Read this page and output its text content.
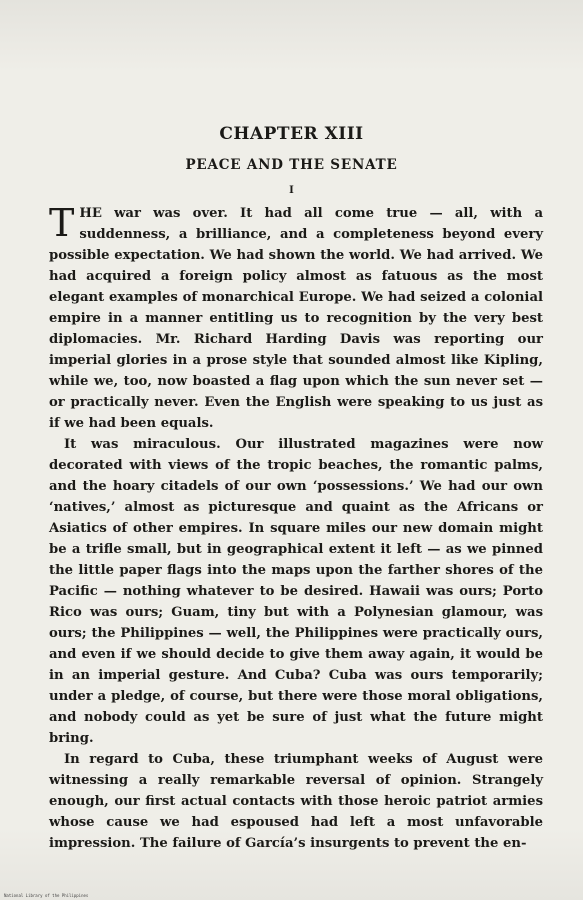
CHAPTER XIII
PEACE AND THE SENATE
I

THE war was over. It had all come true — all, with a suddenness, a brilliance, and a completeness beyond every possible expectation. We had shown the world. We had arrived. We had acquired a foreign policy almost as fatuous as the most elegant examples of monarchical Europe. We had seized a colonial empire in a manner entitling us to recognition by the very best diplomacies. Mr. Richard Harding Davis was reporting our imperial glories in a prose style that sounded almost like Kipling, while we, too, now boasted a flag upon which the sun never set — or practically never. Even the English were speaking to us just as if we had been equals.

It was miraculous. Our illustrated magazines were now decorated with views of the tropic beaches, the romantic palms, and the hoary citadels of our own ‘possessions.’ We had our own ‘natives,’ almost as picturesque and quaint as the Africans or Asiatics of other empires. In square miles our new domain might be a trifle small, but in geographical extent it left — as we pinned the little paper flags into the maps upon the farther shores of the Pacific — nothing whatever to be desired. Hawaii was ours; Porto Rico was ours; Guam, tiny but with a Polynesian glamour, was ours; the Philippines — well, the Philippines were practically ours, and even if we should decide to give them away again, it would be in an imperial gesture. And Cuba? Cuba was ours temporarily; under a pledge, of course, but there were those moral obligations, and nobody could as yet be sure of just what the future might bring.

In regard to Cuba, these triumphant weeks of August were witnessing a really remarkable reversal of opinion. Strangely enough, our first actual contacts with those heroic patriot armies whose cause we had espoused had left a most unfavorable impression. The failure of García’s insurgents to prevent the en-

National Library of the Philippines
